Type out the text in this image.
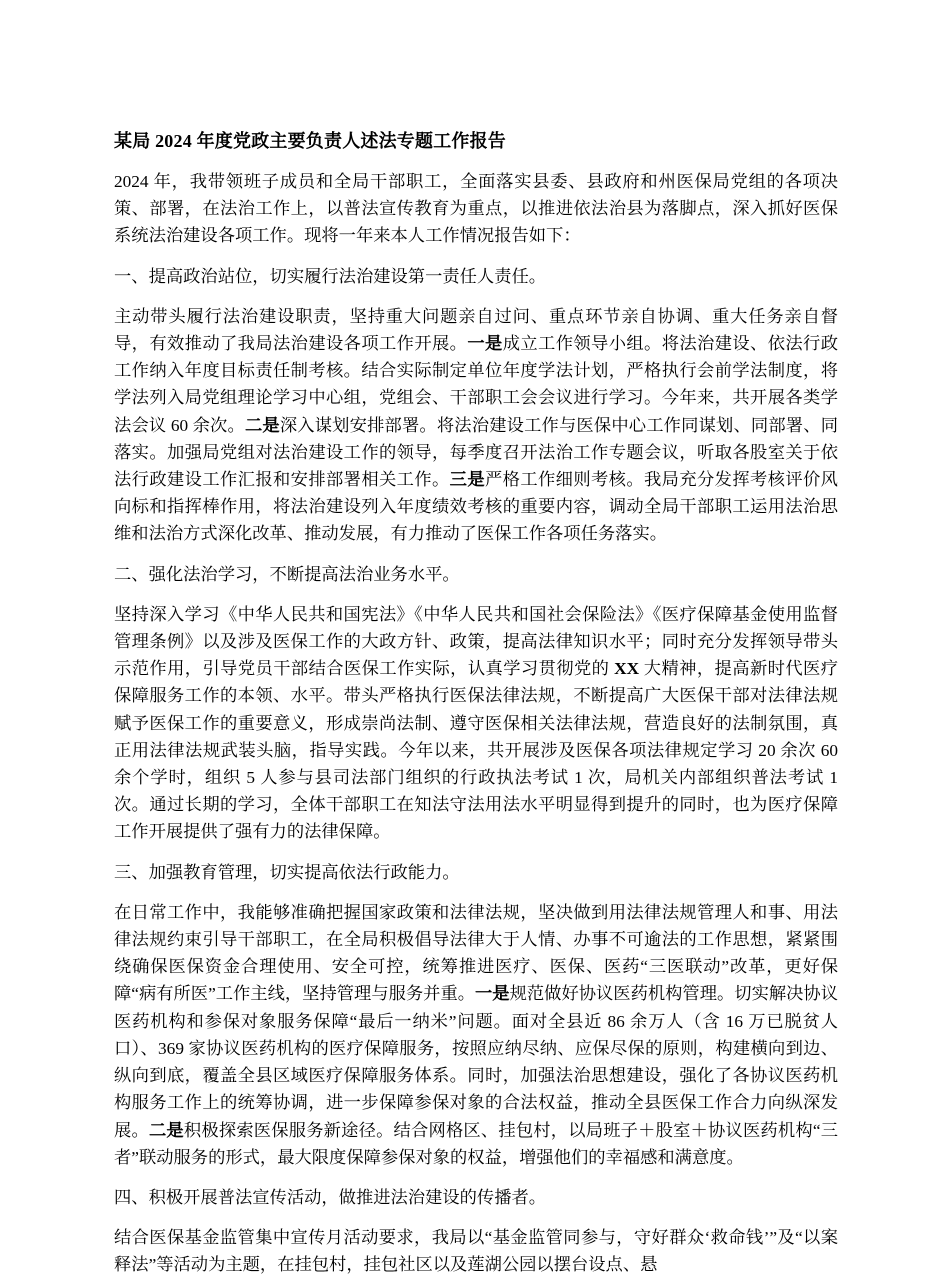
某局 2024 年度党政主要负责人述法专题工作报告

2024 年，我带领班子成员和全局干部职工，全面落实县委、县政府和州医保局党组的各项决策、部署，在法治工作上，以普法宣传教育为重点，以推进依法治县为落脚点，深入抓好医保系统法治建设各项工作。现将一年来本人工作情况报告如下：

一、提高政治站位，切实履行法治建设第一责任人责任。

主动带头履行法治建设职责，坚持重大问题亲自过问、重点环节亲自协调、重大任务亲自督导，有效推动了我局法治建设各项工作开展。一是成立工作领导小组。将法治建设、依法行政工作纳入年度目标责任制考核。结合实际制定单位年度学法计划，严格执行会前学法制度，将学法列入局党组理论学习中心组，党组会、干部职工会会议进行学习。今年来，共开展各类学法会议 60 余次。二是深入谋划安排部署。将法治建设工作与医保中心工作同谋划、同部署、同落实。加强局党组对法治建设工作的领导，每季度召开法治工作专题会议，听取各股室关于依法行政建设工作汇报和安排部署相关工作。三是严格工作细则考核。我局充分发挥考核评价风向标和指挥棒作用，将法治建设列入年度绩效考核的重要内容，调动全局干部职工运用法治思维和法治方式深化改革、推动发展，有力推动了医保工作各项任务落实。

二、强化法治学习，不断提高法治业务水平。

坚持深入学习《中华人民共和国宪法》《中华人民共和国社会保险法》《医疗保障基金使用监督管理条例》以及涉及医保工作的大政方针、政策，提高法律知识水平；同时充分发挥领导带头示范作用，引导党员干部结合医保工作实际，认真学习贯彻党的 XX 大精神，提高新时代医疗保障服务工作的本领、水平。带头严格执行医保法律法规，不断提高广大医保干部对法律法规赋予医保工作的重要意义，形成崇尚法制、遵守医保相关法律法规，营造良好的法制氛围，真正用法律法规武装头脑，指导实践。今年以来，共开展涉及医保各项法律规定学习 20 余次 60 余个学时，组织 5 人参与县司法部门组织的行政执法考试 1 次，局机关内部组织普法考试 1 次。通过长期的学习，全体干部职工在知法守法用法水平明显得到提升的同时，也为医疗保障工作开展提供了强有力的法律保障。

三、加强教育管理，切实提高依法行政能力。

在日常工作中，我能够准确把握国家政策和法律法规，坚决做到用法律法规管理人和事、用法律法规约束引导干部职工，在全局积极倡导法律大于人情、办事不可逾法的工作思想，紧紧围绕确保医保资金合理使用、安全可控，统筹推进医疗、医保、医药“三医联动”改革，更好保障“病有所医”工作主线，坚持管理与服务并重。一是规范做好协议医药机构管理。切实解决协议医药机构和参保对象服务保障“最后一纳米”问题。面对全县近 86 余万人（含 16 万已脱贫人口）、369 家协议医药机构的医疗保障服务，按照应纳尽纳、应保尽保的原则，构建横向到边、纵向到底，覆盖全县区域医疗保障服务体系。同时，加强法治思想建设，强化了各协议医药机构服务工作上的统筹协调，进一步保障参保对象的合法权益，推动全县医保工作合力向纵深发展。二是积极探索医保服务新途径。结合网格区、挂包村，以局班子＋股室＋协议医药机构“三者”联动服务的形式，最大限度保障参保对象的权益，增强他们的幸福感和满意度。

四、积极开展普法宣传活动，做推进法治建设的传播者。

结合医保基金监管集中宣传月活动要求，我局以“基金监管同参与，守好群众‘救命钱’”及“以案释法”等活动为主题，在挂包村，挂包社区以及莲湖公园以摆台设点、悬
